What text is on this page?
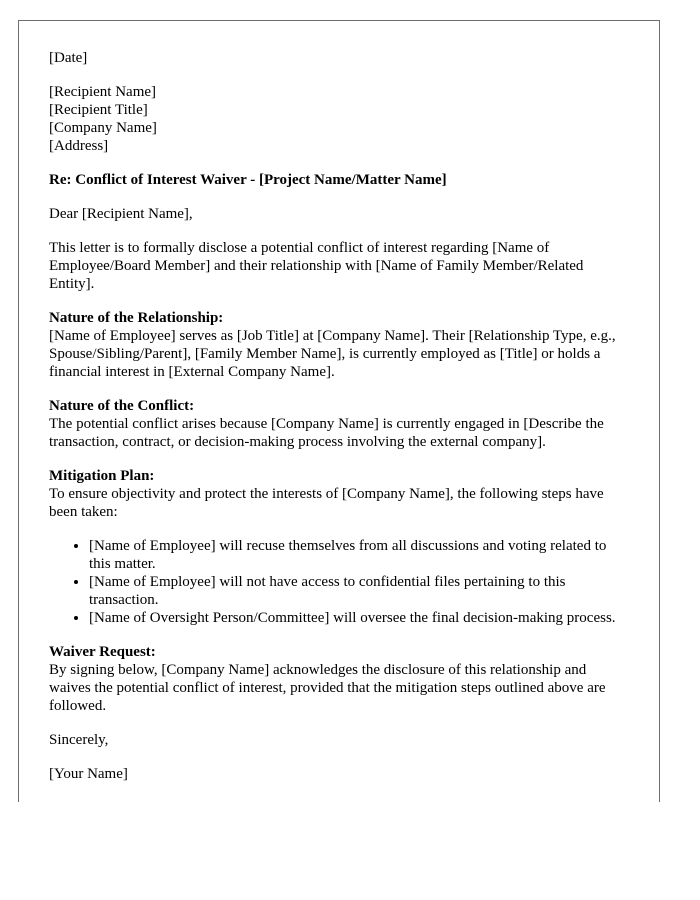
[Date]
[Recipient Name]
[Recipient Title]
[Company Name]
[Address]
Re: Conflict of Interest Waiver - [Project Name/Matter Name]
Dear [Recipient Name],
This letter is to formally disclose a potential conflict of interest regarding [Name of Employee/Board Member] and their relationship with [Name of Family Member/Related Entity].
Nature of the Relationship:
[Name of Employee] serves as [Job Title] at [Company Name]. Their [Relationship Type, e.g., Spouse/Sibling/Parent], [Family Member Name], is currently employed as [Title] or holds a financial interest in [External Company Name].
Nature of the Conflict:
The potential conflict arises because [Company Name] is currently engaged in [Describe the transaction, contract, or decision-making process involving the external company].
Mitigation Plan:
To ensure objectivity and protect the interests of [Company Name], the following steps have been taken:
• [Name of Employee] will recuse themselves from all discussions and voting related to this matter.
• [Name of Employee] will not have access to confidential files pertaining to this transaction.
• [Name of Oversight Person/Committee] will oversee the final decision-making process.
Waiver Request:
By signing below, [Company Name] acknowledges the disclosure of this relationship and waives the potential conflict of interest, provided that the mitigation steps outlined above are followed.
Sincerely,
[Your Name]
